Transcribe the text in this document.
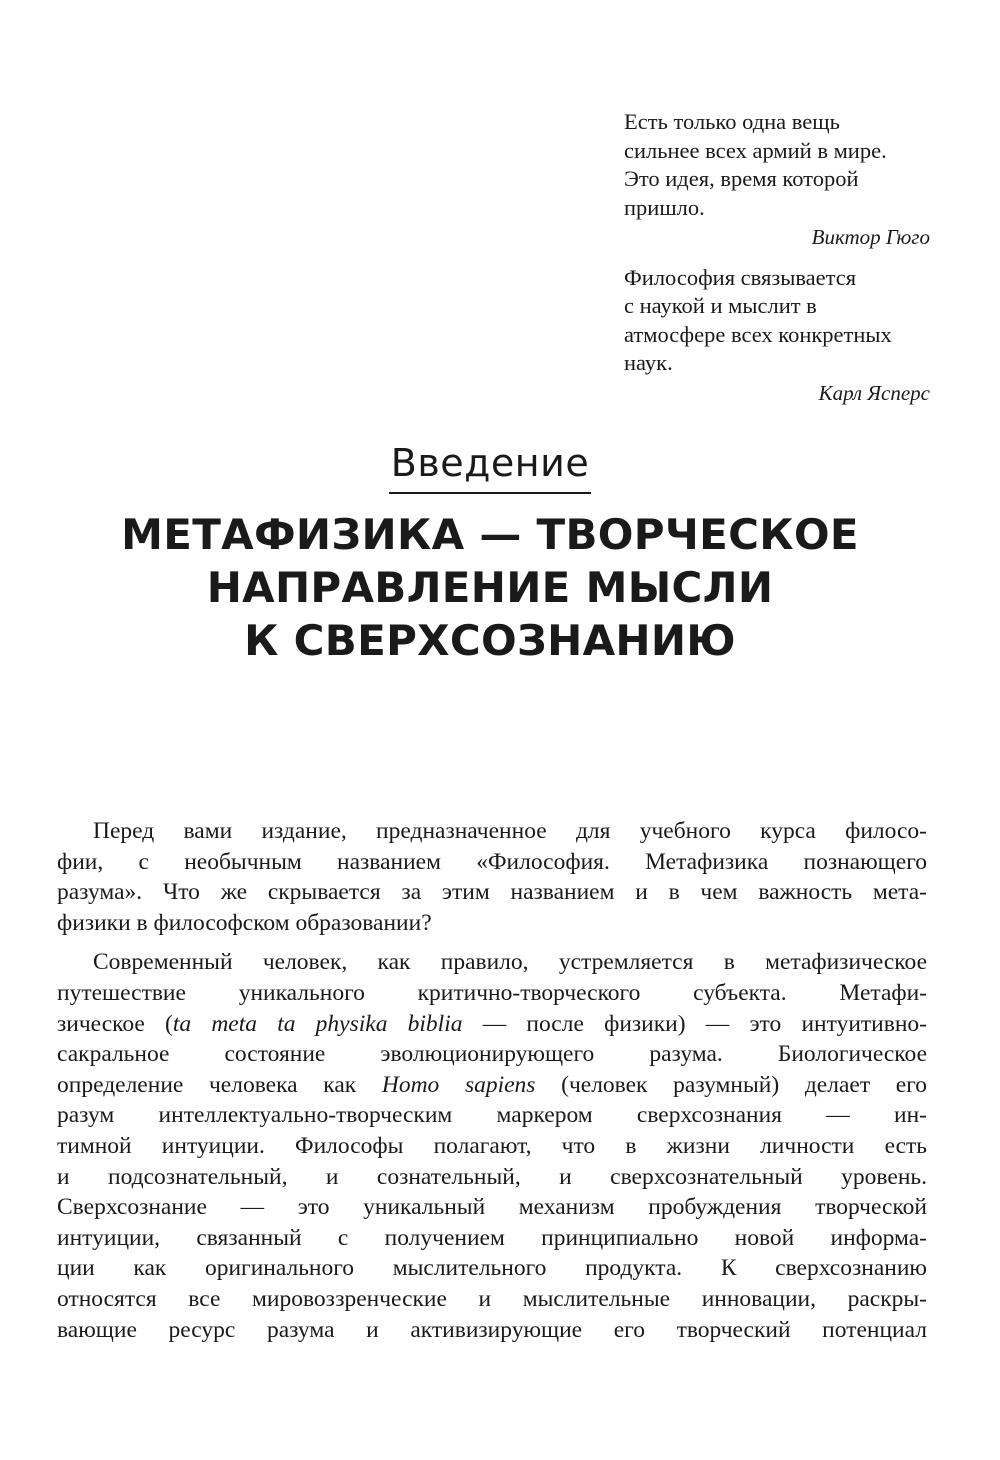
Есть только одна вещь

сильнее всех армий в мире.

Это идея, время которой

пришло.

Виктор Гюго

Философия связывается

с наукой и мыслит в

атмосфере всех конкретных

наук.

Карл Ясперс

Введение
МЕТАФИЗИКА — ТВОРЧЕСКОЕ
НАПРАВЛЕНИЕ МЫСЛИ
К СВЕРХСОЗНАНИЮ

Перед вами издание, предназначенное для учебного курса филосо-
фии, с необычным названием «Философия. Метафизика познающего
разума». Что же скрывается за этим названием и в чем важность мета-
физики в философском образовании?

Современный человек, как правило, устремляется в метафизическое
путешествие уникального критично-творческого субъекта. Метафи-
зическое (ta meta ta physika biblia — после физики) — это интуитивно-
сакральное состояние эволюционирующего разума. Биологическое
определение человека как Homo sapiens (человек разумный) делает его
разум интеллектуально-творческим маркером сверхсознания — ин-
тимной интуиции. Философы полагают, что в жизни личности есть
и подсознательный, и сознательный, и сверхсознательный уровень.
Сверхсознание — это уникальный механизм пробуждения творческой
интуиции, связанный с получением принципиально новой информа-
ции как оригинального мыслительного продукта. К сверхсознанию
относятся все мировоззренческие и мыслительные инновации, раскры-
вающие ресурс разума и активизирующие его творческий потенциал
